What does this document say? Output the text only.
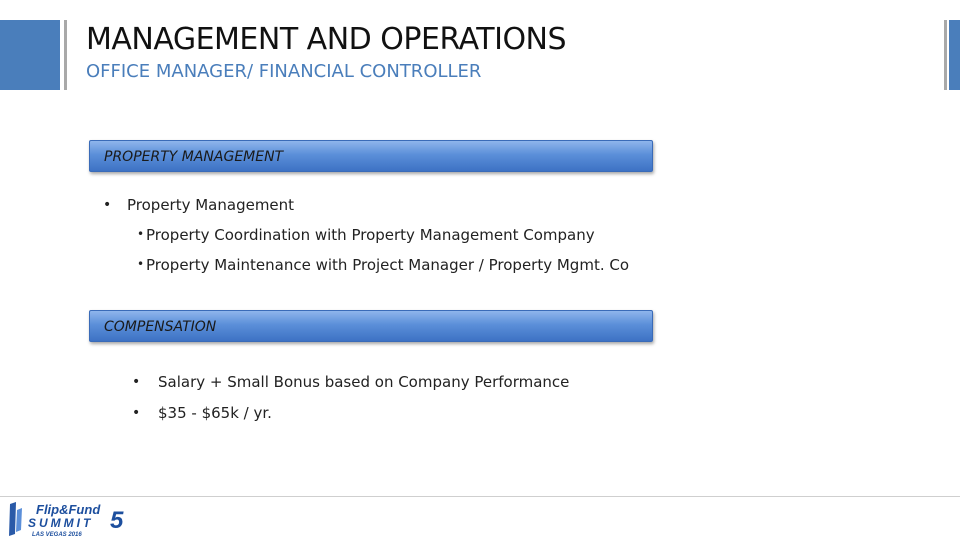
MANAGEMENT AND OPERATIONS
OFFICE MANAGER/ FINANCIAL CONTROLLER
PROPERTY MANAGEMENT
• Property Management
• Property Coordination with Property Management Company
• Property Maintenance with Project Manager / Property Mgmt. Co
COMPENSATION
• Salary + Small Bonus based on Company Performance
• $35 - $65k / yr.
Flip&Fund
SUMMIT 5
LAS VEGAS 2016
